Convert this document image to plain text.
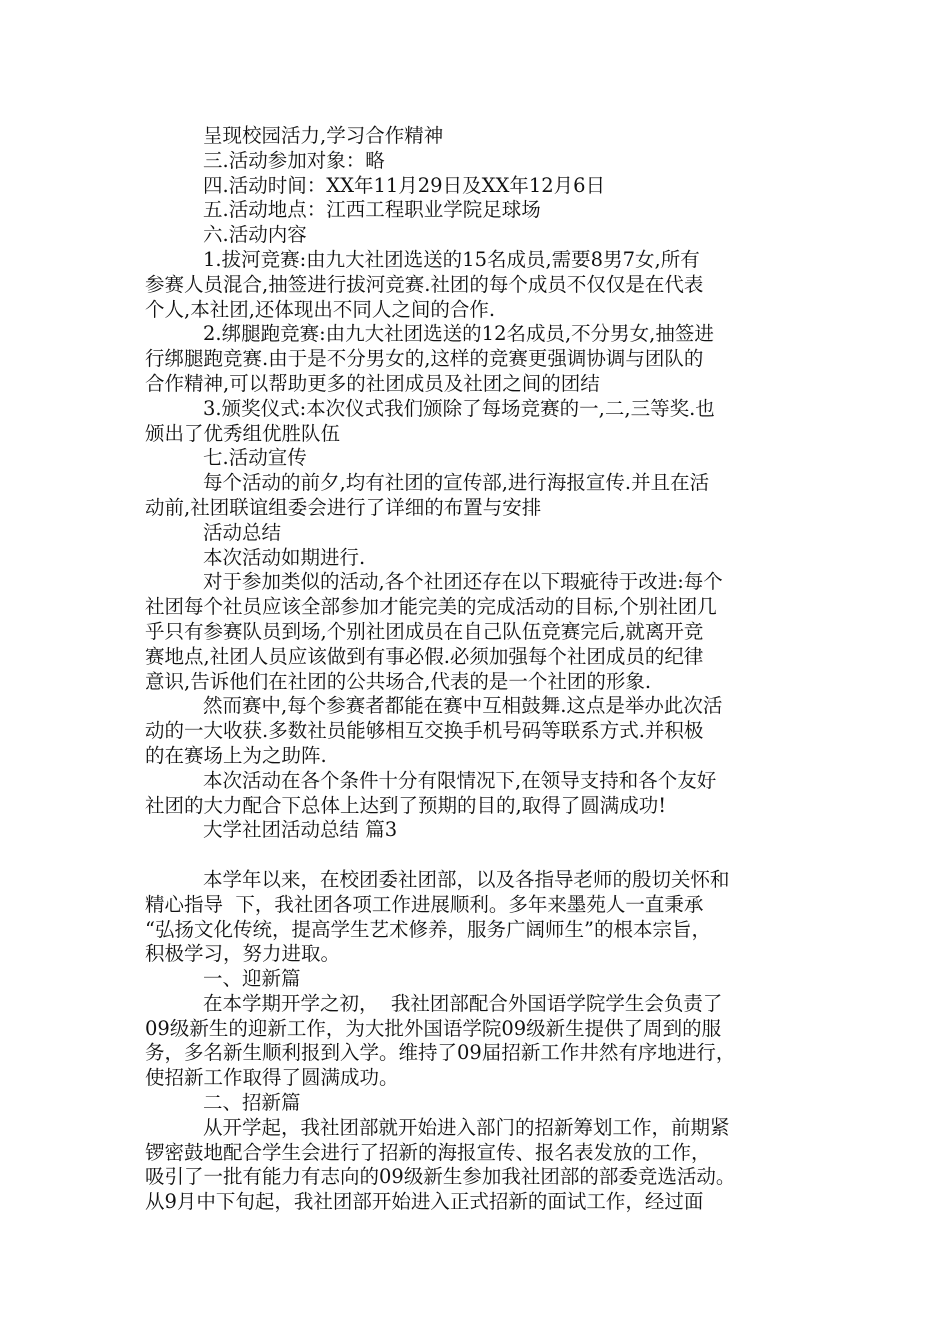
呈现校园活力,学习合作精神
三.活动参加对象：略
四.活动时间：XX年11月29日及XX年12月6日
五.活动地点：江西工程职业学院足球场
六.活动内容
1.拔河竞赛:由九大社团选送的15名成员,需要8男7女,所有
参赛人员混合,抽签进行拔河竞赛.社团的每个成员不仅仅是在代表
个人,本社团,还体现出不同人之间的合作.
2.绑腿跑竞赛:由九大社团选送的12名成员,不分男女,抽签进
行绑腿跑竞赛.由于是不分男女的,这样的竞赛更强调协调与团队的
合作精神,可以帮助更多的社团成员及社团之间的团结
3.颁奖仪式:本次仪式我们颁除了每场竞赛的一,二,三等奖.也
颁出了优秀组优胜队伍
七.活动宣传
每个活动的前夕,均有社团的宣传部,进行海报宣传.并且在活
动前,社团联谊组委会进行了详细的布置与安排
活动总结
本次活动如期进行.
对于参加类似的活动,各个社团还存在以下瑕疵待于改进:每个
社团每个社员应该全部参加才能完美的完成活动的目标,个别社团几
乎只有参赛队员到场,个别社团成员在自己队伍竞赛完后,就离开竞
赛地点,社团人员应该做到有事必假.必须加强每个社团成员的纪律
意识,告诉他们在社团的公共场合,代表的是一个社团的形象.
然而赛中,每个参赛者都能在赛中互相鼓舞.这点是举办此次活
动的一大收获.多数社员能够相互交换手机号码等联系方式.并积极
的在赛场上为之助阵.
本次活动在各个条件十分有限情况下,在领导支持和各个友好
社团的大力配合下总体上达到了预期的目的,取得了圆满成功!
大学社团活动总结 篇3
本学年以来，在校团委社团部，以及各指导老师的殷切关怀和
精心指导  下，我社团各项工作进展顺利。多年来墨苑人一直秉承
“弘扬文化传统，提高学生艺术修养，服务广阔师生”的根本宗旨，
积极学习，努力进取。
一、迎新篇
在本学期开学之初，  我社团部配合外国语学院学生会负责了
09级新生的迎新工作，为大批外国语学院09级新生提供了周到的服
务，多名新生顺利报到入学。维持了09届招新工作井然有序地进行，
使招新工作取得了圆满成功。
二、招新篇
从开学起，我社团部就开始进入部门的招新筹划工作，前期紧
锣密鼓地配合学生会进行了招新的海报宣传、报名表发放的工作，
吸引了一批有能力有志向的09级新生参加我社团部的部委竞选活动。
从9月中下旬起，我社团部开始进入正式招新的面试工作，经过面
